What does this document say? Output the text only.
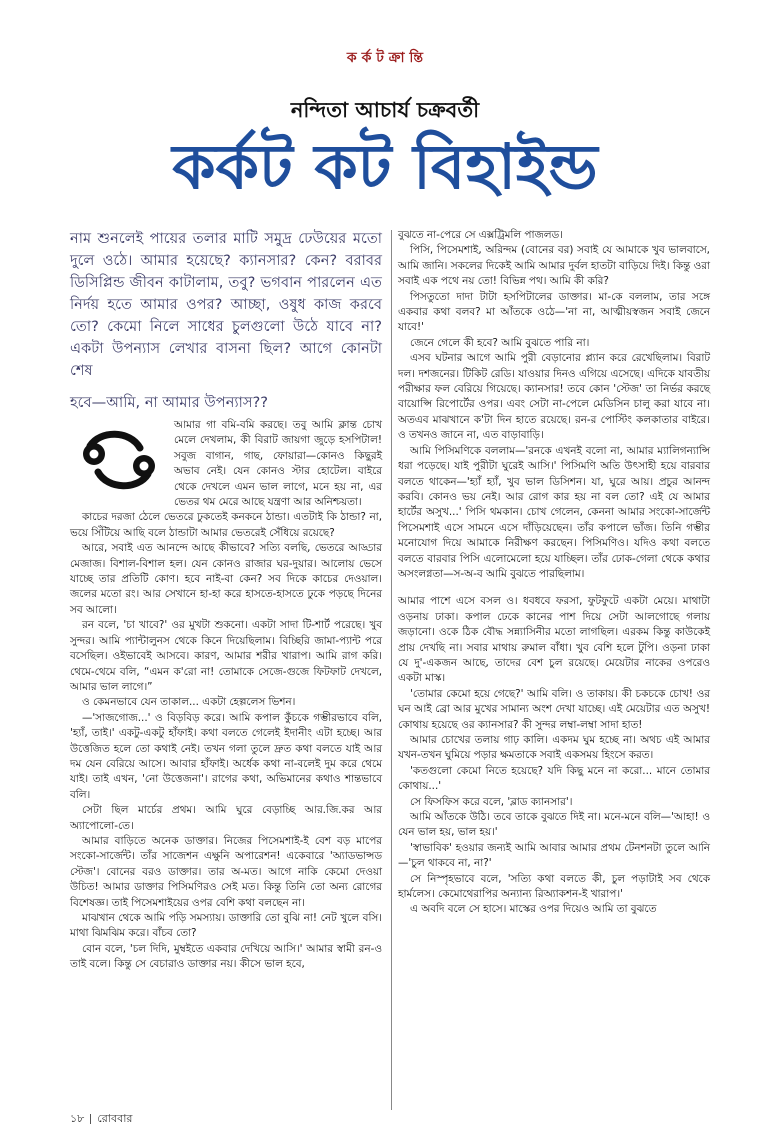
ক র্ক ট ক্রা ন্তি
নন্দিতা আচার্য চক্রবর্তী
কর্কট কট বিহাইন্ড

নাম শুনলেই পায়ের তলার মাটি সমুদ্র ঢেউয়ের মতো দুলে ওঠে। আমার হয়েছে? ক্যানসার? কেন? বরাবর ডিসিপ্লিন্ড জীবন কাটালাম, তবু? ভগবান পারলেন এত নির্দয় হতে আমার ওপর? আচ্ছা, ওষুধ কাজ করবে তো? কেমো নিলে সাধের চুলগুলো উঠে যাবে না? একটা উপন্যাস লেখার বাসনা ছিল? আগে কোনটা শেষ
হবে—আমি, না আমার উপন্যাস??

আমার গা বমি-বমি করছে। তবু আমি ক্লান্ত চোখ মেলে দেখলাম, কী বিরাট জায়গা জুড়ে হসপিটাল! সবুজ বাগান, গাছ, ফোয়ারা—কোনও কিছুরই অভাব নেই। যেন কোনও স্টার হোটেল। বাইরে থেকে দেখলে এমন ভাল লাগে, মনে হয় না, এর ভেতর থম মেরে আছে যন্ত্রণা আর অনিশ্চয়তা।

কাচের দরজা ঠেলে ভেতরে ঢুকতেই কনকনে ঠান্ডা। এতটাই কি ঠান্ডা? না, ভয়ে সিঁটিয়ে আছি বলে ঠান্ডাটা আমার ভেতরেই সেঁধিয়ে রয়েছে?

আরে, সবাই এত আনন্দে আছে কীভাবে? সত্যি বলছি, ভেতরে আড্ডার মেজাজ। বিশাল-বিশাল হল। যেন কোনও রাজার ঘর-দুয়ার। আলোয় ভেসে যাচ্ছে তার প্রতিটি কোণ। হবে নাই-বা কেন? সব দিকে কাচের দেওয়াল। জলের মতো রং। আর সেখানে হা-হা করে হাসতে-হাসতে ঢুকে পড়ছে দিনের সব আলো।

রন বলে, 'চা খাবে?' ওর মুখটা শুকনো। একটা সাদা টি-শার্ট পরেছে। খুব সুন্দর। আমি প্যান্টালুনস থেকে কিনে দিয়েছিলাম। বিচ্ছিরি জামা-প্যান্ট পরে বসেছিল। ওইভাবেই আসবে। কারণ, আমার শরীর খারাপ। আমি রাগ করি। থেমে-থেমে বলি, “এমন ক'রো না! তোমাকে সেজে-গুজে ফিটফাট দেখলে, আমার ভাল লাগে।”

ও কেমনভাবে যেন তাকাল... একটা হেল্পলেস ভিশন।

—'সাজগোজ...' ও বিড়বিড় করে। আমি কপাল কুঁচকে গম্ভীরভাবে বলি, 'হ্যাঁ, তাই।' একটু-একটু হাঁফাই। কথা বলতে গেলেই ইদানীং এটা হচ্ছে। আর উত্তেজিত হলে তো কথাই নেই। তখন গলা তুলে দ্রুত কথা বলতে যাই আর দম যেন বেরিয়ে আসে। আবার হাঁফাই। অর্ধেক কথা না-বলেই দুম করে থেমে যাই। তাই এখন, 'নো উত্তেজনা'। রাগের কথা, অভিমানের কথাও শান্তভাবে বলি।

সেটা ছিল মার্চের প্রথম। আমি ঘুরে বেড়াচ্ছি আর.জি.কর আর অ্যাপোলো-তে।

আমার বাড়িতে অনেক ডাক্তার। নিজের পিসেমশাই-ই বেশ বড় মাপের সংকো-সার্জেন্ট। তাঁর সাজেশন এক্ষুনি অপারেশন! একেবারে 'অ্যাডভান্সড স্টেজ'। বোনের বরও ডাক্তার। তার অ-মত। আগে নাকি কেমো দেওয়া উচিত! আমার ডাক্তার পিসিমণিরও সেই মত। কিন্তু তিনি তো অন্য রোগের বিশেষজ্ঞ। তাই পিসেমশাইয়ের ওপর বেশি কথা বলছেন না।

মাঝখান থেকে আমি পড়ি সমস্যায়। ডাক্তারি তো বুঝি না! নেট খুলে বসি। মাথা ঝিমঝিম করে। বাঁচব তো?

বোন বলে, 'চল দিদি, মুম্বইতে একবার দেখিয়ে আসি।' আমার স্বামী রন-ও তাই বলে। কিন্তু সে বেচারাও ডাক্তার নয়। কীসে ভাল হবে,

বুঝতে না-পেরে সে এক্সট্রিমলি পাজলড।

পিসি, পিসেমশাই, অরিন্দম (বোনের বর) সবাই যে আমাকে খুব ভালবাসে, আমি জানি। সকলের দিকেই আমি আমার দুর্বল হাতটা বাড়িয়ে দিই। কিন্তু ওরা সবাই এক পথে নয় তো! বিভিন্ন পথ। আমি কী করি?

পিসতুতো দাদা টাটা হসপিটালের ডাক্তার। মা-কে বললাম, তার সঙ্গে একবার কথা বলব? মা আঁতকে ওঠে—'না না, আত্মীয়স্বজন সবাই জেনে যাবে!'

জেনে গেলে কী হবে? আমি বুঝতে পারি না।

এসব ঘটনার আগে আমি পুরী বেড়ানোর প্ল্যান করে রেখেছিলাম। বিরাট দল। দশজনের। টিকিট রেডি। যাওয়ার দিনও এগিয়ে এসেছে। এদিকে যাবতীয় পরীক্ষার ফল বেরিয়ে গিয়েছে। ক্যানসার! তবে কোন 'স্টেজ' তা নির্ভর করছে বায়োপ্সি রিপোর্টের ওপর। এবং সেটা না-পেলে মেডিসিন চালু করা যাবে না। অতএব মাঝখানে ক'টা দিন হাতে রয়েছে। রন-র পোস্টিং কলকাতার বাইরে। ও তখনও জানে না, এত বাড়াবাড়ি।

আমি পিসিমণিকে বললাম—'রনকে এখনই বলো না, আমার ম্যালিগন্যান্সি ধরা পড়েছে। যাই পুরীটা ঘুরেই আসি।' পিসিমণি অতি উৎসাহী হয়ে বারবার বলতে থাকেন—'হ্যাঁ হ্যাঁ, খুব ভাল ডিসিশন। যা, ঘুরে আয়। প্রচুর আনন্দ করবি। কোনও ভয় নেই। আর রোগ কার হয় না বল তো? এই যে আমার হার্টের অসুখ...' পিসি থমকান। চোখ গেলেন, কেননা আমার সংকো-সার্জেন্ট পিসেমশাই এসে সামনে এসে দাঁড়িয়েছেন। তাঁর কপালে ভাঁজ। তিনি গম্ভীর মনোযোগ দিয়ে আমাকে নিরীক্ষণ করছেন। পিসিমণিও। যদিও কথা বলতে বলতে বারবার পিসি এলোমেলো হয়ে যাচ্ছিল। তাঁর ঢোক-গেলা থেকে কথার অসংলগ্নতা—স-অ-ব আমি বুঝতে পারছিলাম।

আমার পাশে এসে বসল ও। ধবধবে ফরসা, ফুটফুটে একটা মেয়ে। মাথাটা ওড়নায় ঢাকা। কপাল ঢেকে কানের পাশ দিয়ে সেটা আলগোছে গলায় জড়ানো। ওকে ঠিক বৌদ্ধ সন্ন্যাসিনীর মতো লাগছিল। এরকম কিন্তু কাউকেই প্রায় দেখছি না। সবার মাথায় রুমাল বাঁধা। খুব বেশি হলে টুপি। ওড়না ঢাকা যে দু'-একজন আছে, তাদের বেশ চুল রয়েছে। মেয়েটার নাকের ওপরেও একটা মাস্ক।

'তোমার কেমো হয়ে গেছে?' আমি বলি। ও তাকায়। কী চকচকে চোখ! ওর ঘন আই ব্রো আর মুখের সামান্য অংশ দেখা যাচ্ছে। এই মেয়েটার এত অসুখ! কোথায় হয়েছে ওর ক্যানসার? কী সুন্দর লম্বা-লম্বা সাদা হাত!

আমার চোখের তলায় গাঢ় কালি। একদম ঘুম হচ্ছে না। অথচ এই আমার যখন-তখন ঘুমিয়ে পড়ার ক্ষমতাকে সবাই একসময় হিংসে করত।

'কতগুলো কেমো নিতে হয়েছে? যদি কিছু মনে না করো... মানে তোমার কোথায়...'

সে ফিসফিস করে বলে, 'ব্লাড ক্যানসার'।

আমি আঁতকে উঠি। তবে তাকে বুঝতে দিই না। মনে-মনে বলি—'আহা! ও যেন ভাল হয়, ভাল হয়।'

'স্বাভাবিক' হওয়ার জন্যই আমি আবার আমার প্রথম টেনশনটা তুলে আনি—'চুল থাকবে না, না?'

সে নিস্পৃহভাবে বলে, 'সত্যি কথা বলতে কী, চুল পড়াটাই সব থেকে হার্মলেস। কেমোথেরাপির অন্যান্য রিঅ্যাকশন-ই খারাপ।'

এ অবদি বলে সে হাসে। মাস্কের ওপর দিয়েও আমি তা বুঝতে

১৮ রোববার
